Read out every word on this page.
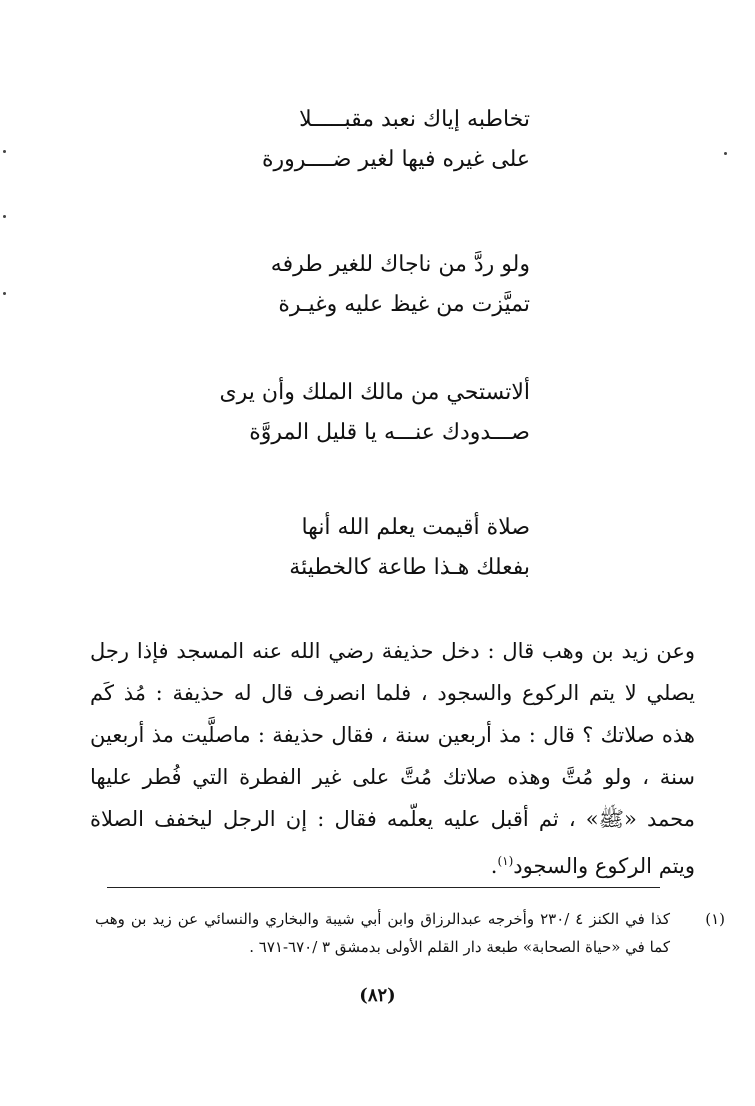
تخاطبه إياك نعبد مقبـــــلا
على غيره فيها لغير ضــــرورة
ولو ردَّ من ناجاك للغير طرفه
تميَّزت من غيظ عليه وغيـرة
ألاتستحي من مالك الملك وأن يرى
صـــدودك عنـــه يا قليل المروَّة
صلاة أقيمت يعلم الله أنها
بفعلك هـذا طاعة كالخطيئة

وعن زيد بن وهب قال : دخل حذيفة رضي الله عنه المسجد فإذا رجل يصلي لا يتم الركوع والسجود ، فلما انصرف قال له حذيفة : مُذ كَم هذه صلاتك ؟ قال : مذ أربعين سنة ، فقال حذيفة : ماصلَّيت مذ أربعين سنة ، ولو مُتَّ وهذه صلاتك مُتَّ على غير الفطرة التي فُطر عليها محمد «ﷺ» ، ثم أقبل عليه يعلّمه فقال : إن الرجل ليخفف الصلاة ويتم الركوع والسجود$^{(١)}$.

(١)
كذا في الكنز ٤ /٢٣٠ وأخرجه عبدالرزاق وابن أبي شيبة والبخاري والنسائي عن زيد بن وهب كما في «حياة الصحابة» طبعة دار القلم الأولى بدمشق ٣ /٦٧٠-٦٧١ .
(٨٢)
